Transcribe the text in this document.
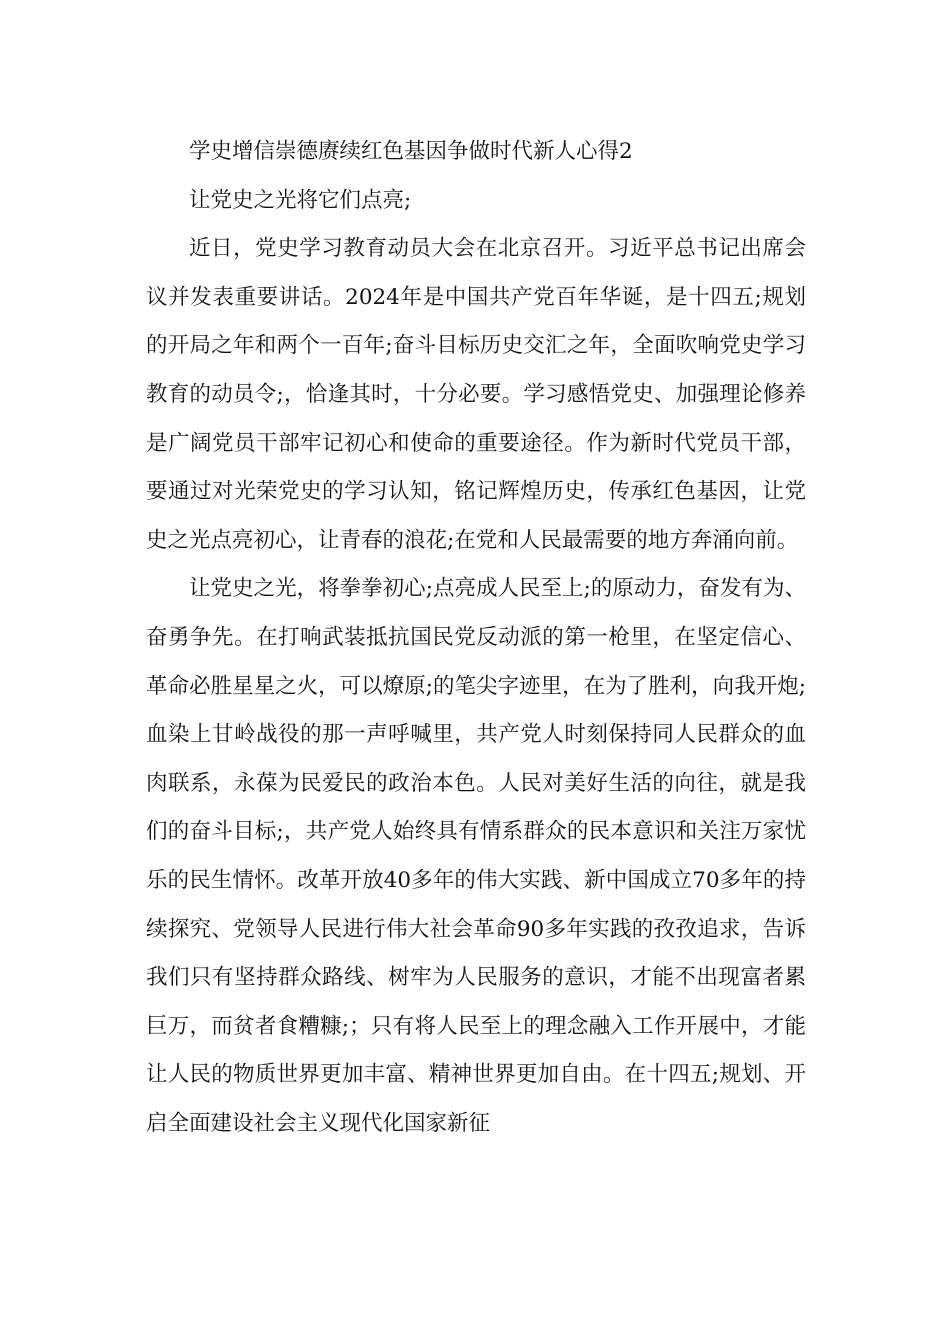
学史增信崇德赓续红色基因争做时代新人心得2

让党史之光将它们点亮;

近日，党史学习教育动员大会在北京召开。习近平总书记出席会议并发表重要讲话。2024年是中国共产党百年华诞，是十四五;规划的开局之年和两个一百年;奋斗目标历史交汇之年，全面吹响党史学习教育的动员令;，恰逢其时，十分必要。学习感悟党史、加强理论修养是广阔党员干部牢记初心和使命的重要途径。作为新时代党员干部，要通过对光荣党史的学习认知，铭记辉煌历史，传承红色基因，让党史之光点亮初心，让青春的浪花;在党和人民最需要的地方奔涌向前。

让党史之光，将拳拳初心;点亮成人民至上;的原动力，奋发有为、奋勇争先。在打响武装抵抗国民党反动派的第一枪里，在坚定信心、革命必胜星星之火，可以燎原;的笔尖字迹里，在为了胜利，向我开炮;血染上甘岭战役的那一声呼喊里，共产党人时刻保持同人民群众的血肉联系，永葆为民爱民的政治本色。人民对美好生活的向往，就是我们的奋斗目标;，共产党人始终具有情系群众的民本意识和关注万家忧乐的民生情怀。改革开放40多年的伟大实践、新中国成立70多年的持续探究、党领导人民进行伟大社会革命90多年实践的孜孜追求，告诉我们只有坚持群众路线、树牢为人民服务的意识，才能不出现富者累巨万，而贫者食糟糠;；只有将人民至上的理念融入工作开展中，才能让人民的物质世界更加丰富、精神世界更加自由。在十四五;规划、开启全面建设社会主义现代化国家新征
